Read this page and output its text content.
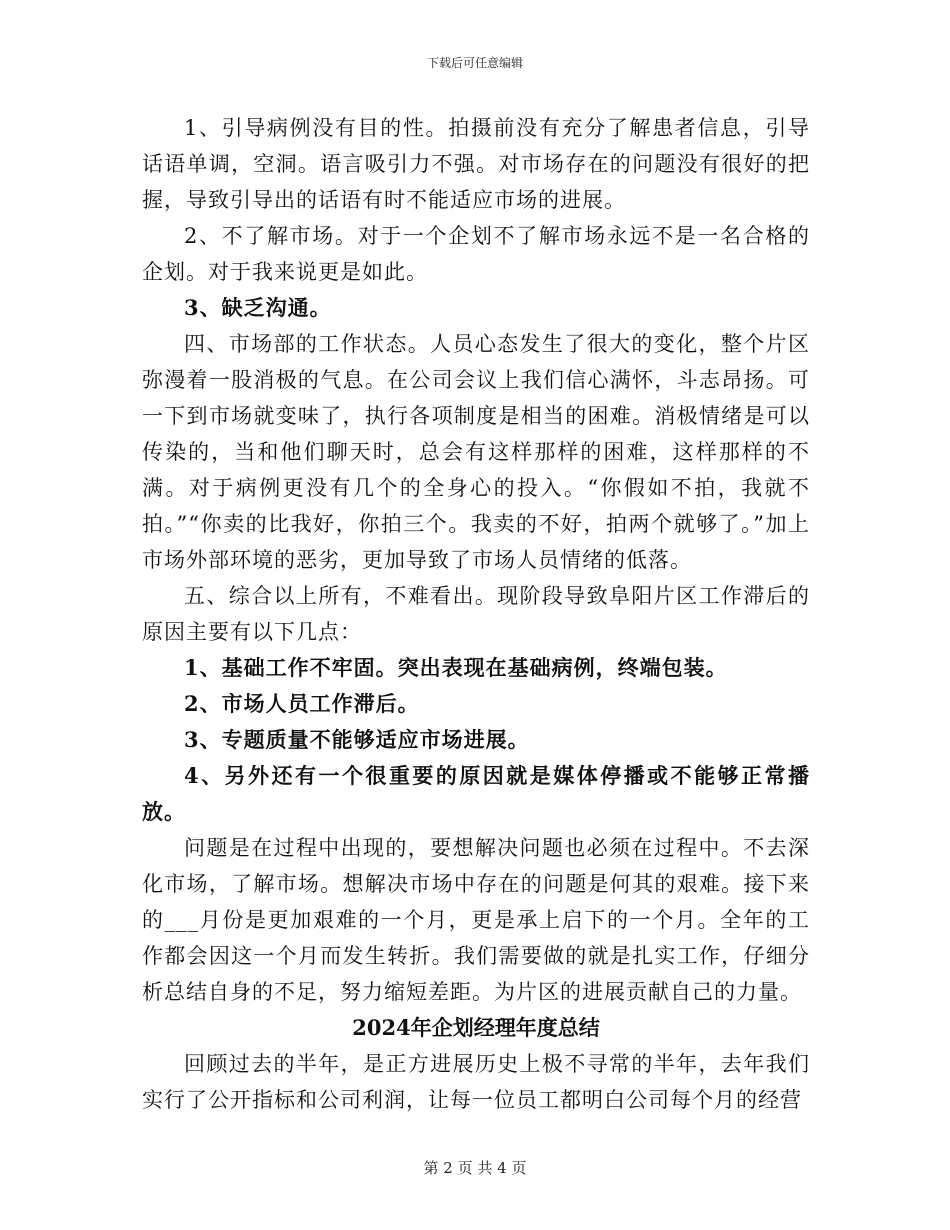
下载后可任意编辑

1、引导病例没有目的性。拍摄前没有充分了解患者信息，引导话语单调，空洞。语言吸引力不强。对市场存在的问题没有很好的把握，导致引导出的话语有时不能适应市场的进展。

2、不了解市场。对于一个企划不了解市场永远不是一名合格的企划。对于我来说更是如此。

3、缺乏沟通。

四、市场部的工作状态。人员心态发生了很大的变化，整个片区弥漫着一股消极的气息。在公司会议上我们信心满怀，斗志昂扬。可一下到市场就变味了，执行各项制度是相当的困难。消极情绪是可以传染的，当和他们聊天时，总会有这样那样的困难，这样那样的不满。对于病例更没有几个的全身心的投入。“你假如不拍，我就不拍。”“你卖的比我好，你拍三个。我卖的不好，拍两个就够了。”加上市场外部环境的恶劣，更加导致了市场人员情绪的低落。

五、综合以上所有，不难看出。现阶段导致阜阳片区工作滞后的原因主要有以下几点：

1、基础工作不牢固。突出表现在基础病例，终端包装。

2、市场人员工作滞后。

3、专题质量不能够适应市场进展。

4、另外还有一个很重要的原因就是媒体停播或不能够正常播放。

问题是在过程中出现的，要想解决问题也必须在过程中。不去深化市场，了解市场。想解决市场中存在的问题是何其的艰难。接下来的___月份是更加艰难的一个月，更是承上启下的一个月。全年的工作都会因这一个月而发生转折。我们需要做的就是扎实工作，仔细分析总结自身的不足，努力缩短差距。为片区的进展贡献自己的力量。

2024年企划经理年度总结

回顾过去的半年，是正方进展历史上极不寻常的半年，去年我们实行了公开指标和公司利润，让每一位员工都明白公司每个月的经营

第 2 页 共 4 页
